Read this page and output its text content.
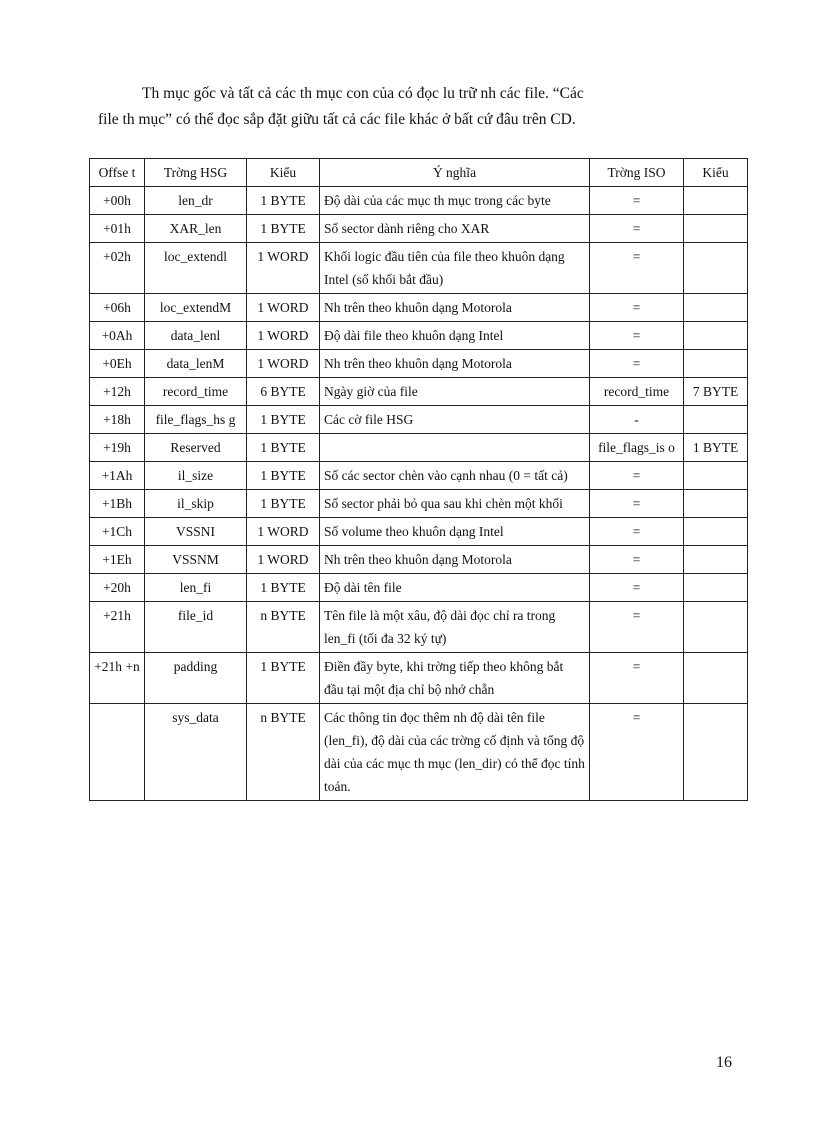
Th mục gốc và tất cả các th mục con của có đọc lu trữ nh các file. “Các
file th mục” có thể đọc sắp đặt giữu tất cả các file khác ở bất cứ đâu trên CD.
Offse t	Trờng HSG	Kiểu	Ý nghĩa	Trờng ISO	Kiểu
+00h	len_dr	1 BYTE	Độ dài của các mục th mục trong các byte	=	
+01h	XAR_len	1 BYTE	Số sector dành riêng cho XAR	=	
+02h	loc_extendl	1 WORD	Khối logic đầu tiên của file theo khuôn dạng Intel (số khối bắt đầu)	=	
+06h	loc_extendM	1 WORD	Nh trên theo khuôn dạng Motorola	=	
+0Ah	data_lenl	1 WORD	Độ dài file theo khuôn dạng Intel	=	
+0Eh	data_lenM	1 WORD	Nh trên theo khuôn dạng Motorola	=	
+12h	record_time	6 BYTE	Ngày giờ của file	record_time	7 BYTE
+18h	file_flags_hs g	1 BYTE	Các cờ file HSG	-	
+19h	Reserved	1 BYTE		file_flags_is o	1 BYTE
+1Ah	il_size	1 BYTE	Số các sector chèn vào cạnh nhau (0 = tất cả)	=	
+1Bh	il_skip	1 BYTE	Số sector phải bỏ qua sau khi chèn một khối	=	
+1Ch	VSSNI	1 WORD	Số volume theo khuôn dạng Intel	=	
+1Eh	VSSNM	1 WORD	Nh trên theo khuôn dạng Motorola	=	
+20h	len_fi	1 BYTE	Độ dài tên file	=	
+21h	file_id	n BYTE	Tên file là một xâu, độ dài đọc chỉ ra trong len_fi (tối đa 32 ký tự)	=	
+21h +n	padding	1 BYTE	Điền đầy byte, khi trờng tiếp theo không bắt đầu tại một địa chỉ bộ nhớ chẵn	=	
	sys_data	n BYTE	Các thông tin đọc thêm nh độ dài tên file (len_fi), độ dài của các trờng cố định và tổng độ dài của các mục th mục (len_dir) có thể đọc tính toán.	=	
16
